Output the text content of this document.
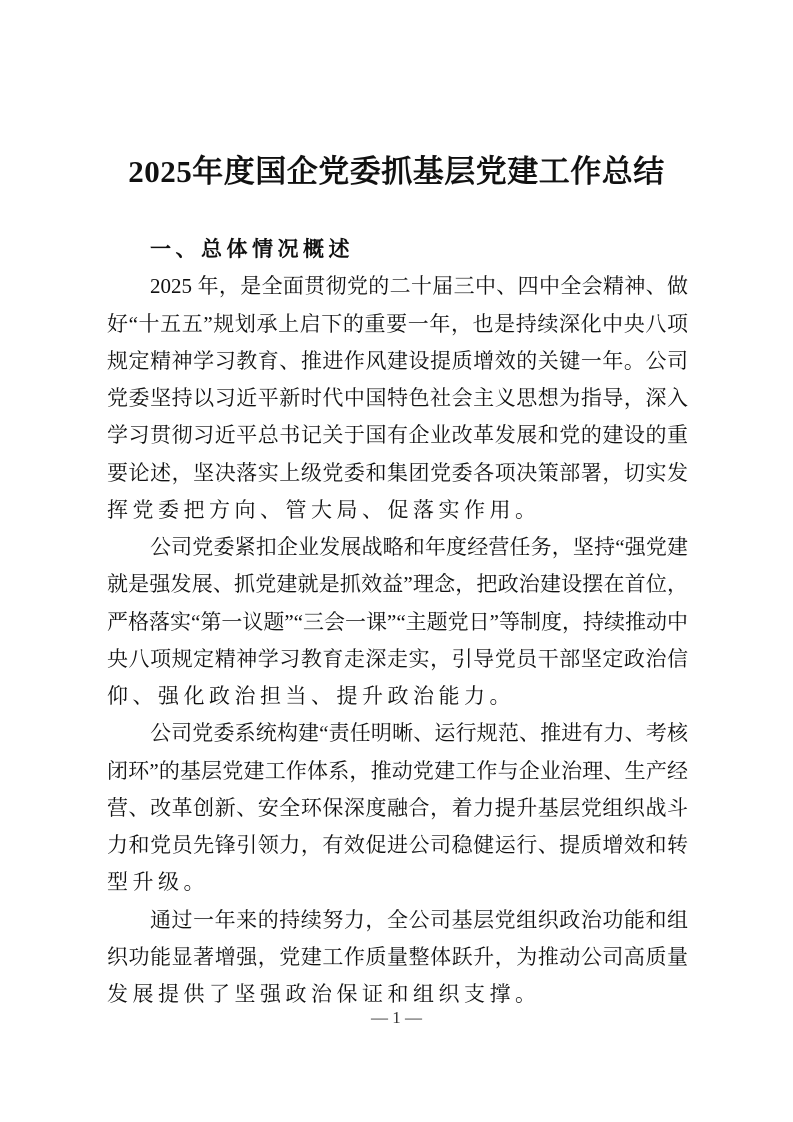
2025年度国企党委抓基层党建工作总结
一、总体情况概述
2025 年，是全面贯彻党的二十届三中、四中全会精神、做
好“十五五”规划承上启下的重要一年，也是持续深化中央八项
规定精神学习教育、推进作风建设提质增效的关键一年。公司
党委坚持以习近平新时代中国特色社会主义思想为指导，深入
学习贯彻习近平总书记关于国有企业改革发展和党的建设的重
要论述，坚决落实上级党委和集团党委各项决策部署，切实发
挥党委把方向、管大局、促落实作用。
公司党委紧扣企业发展战略和年度经营任务，坚持“强党建
就是强发展、抓党建就是抓效益”理念，把政治建设摆在首位，
严格落实“第一议题”“三会一课”“主题党日”等制度，持续推动中
央八项规定精神学习教育走深走实，引导党员干部坚定政治信
仰、强化政治担当、提升政治能力。
公司党委系统构建“责任明晰、运行规范、推进有力、考核
闭环”的基层党建工作体系，推动党建工作与企业治理、生产经
营、改革创新、安全环保深度融合，着力提升基层党组织战斗
力和党员先锋引领力，有效促进公司稳健运行、提质增效和转
型升级。
通过一年来的持续努力，全公司基层党组织政治功能和组
织功能显著增强，党建工作质量整体跃升，为推动公司高质量
发展提供了坚强政治保证和组织支撑。
— 1 —
